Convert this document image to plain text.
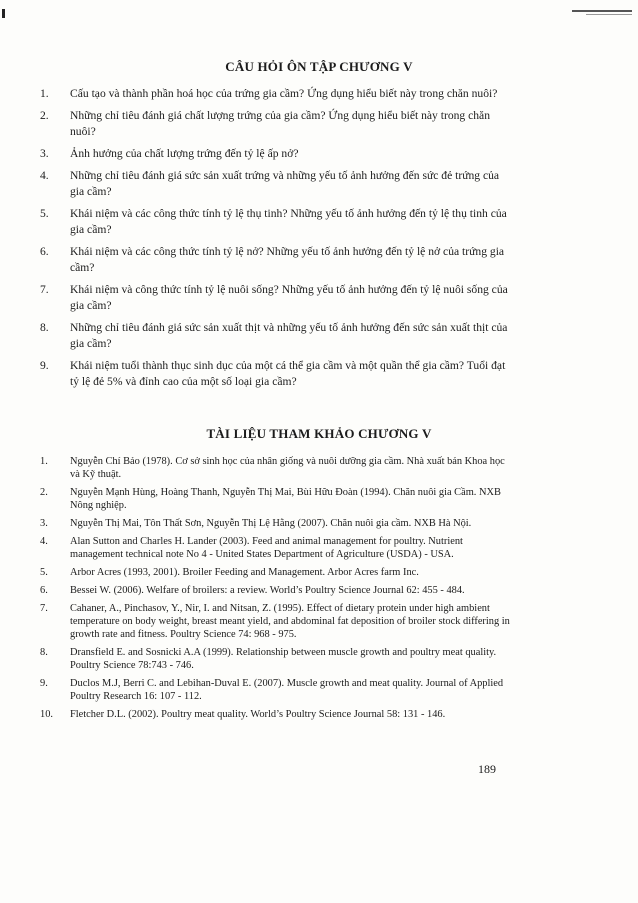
CÂU HỎI ÔN TẬP CHƯƠNG V
1. Cấu tạo và thành phần hoá học của trứng gia cầm? Ứng dụng hiểu biết này trong chăn nuôi?
2. Những chỉ tiêu đánh giá chất lượng trứng của gia cầm? Ứng dụng hiểu biết này trong chăn nuôi?
3. Ảnh hưởng của chất lượng trứng đến tỷ lệ ấp nở?
4. Những chỉ tiêu đánh giá sức sản xuất trứng và những yếu tố ảnh hưởng đến sức đẻ trứng của gia cầm?
5. Khái niệm và các công thức tính tỷ lệ thụ tinh? Những yếu tố ảnh hưởng đến tỷ lệ thụ tinh của gia cầm?
6. Khái niệm và các công thức tính tỷ lệ nở? Những yếu tố ảnh hưởng đến tỷ lệ nở của trứng gia cầm?
7. Khái niệm và công thức tính tỷ lệ nuôi sống? Những yếu tố ảnh hưởng đến tỷ lệ nuôi sống của gia cầm?
8. Những chỉ tiêu đánh giá sức sản xuất thịt và những yếu tố ảnh hưởng đến sức sản xuất thịt của gia cầm?
9. Khái niệm tuổi thành thục sinh dục của một cá thể gia cầm và một quần thể gia cầm? Tuổi đạt tỷ lệ đẻ 5% và đỉnh cao của một số loại gia cầm?
TÀI LIỆU THAM KHẢO CHƯƠNG V
1. Nguyễn Chí Bảo (1978). Cơ sở sinh học của nhân giống và nuôi dưỡng gia cầm. Nhà xuất bản Khoa học và Kỹ thuật.
2. Nguyễn Mạnh Hùng, Hoàng Thanh, Nguyễn Thị Mai, Bùi Hữu Đoàn (1994). Chăn nuôi gia Cầm. NXB Nông nghiệp.
3. Nguyễn Thị Mai, Tôn Thất Sơn, Nguyễn Thị Lệ Hằng (2007). Chăn nuôi gia cầm. NXB Hà Nội.
4. Alan Sutton and Charles H. Lander (2003). Feed and animal management for poultry. Nutrient management technical note No 4 - United States Department of Agriculture (USDA) - USA.
5. Arbor Acres (1993, 2001). Broiler Feeding and Management. Arbor Acres farm Inc.
6. Bessei W. (2006). Welfare of broilers: a review. World’s Poultry Science Journal 62: 455 - 484.
7. Cahaner, A., Pinchasov, Y., Nir, I. and Nitsan, Z. (1995). Effect of dietary protein under high ambient temperature on body weight, breast meant yield, and abdominal fat deposition of broiler stock differing in growth rate and fitness. Poultry Science 74: 968 - 975.
8. Dransfield E. and Sosnicki A.A (1999). Relationship between muscle growth and poultry meat quality. Poultry Science 78:743 - 746.
9. Duclos M.J, Berri C. and Lebihan-Duval E. (2007). Muscle growth and meat quality. Journal of Applied Poultry Research 16: 107 - 112.
10. Fletcher D.L. (2002). Poultry meat quality. World’s Poultry Science Journal 58: 131 - 146.
189
